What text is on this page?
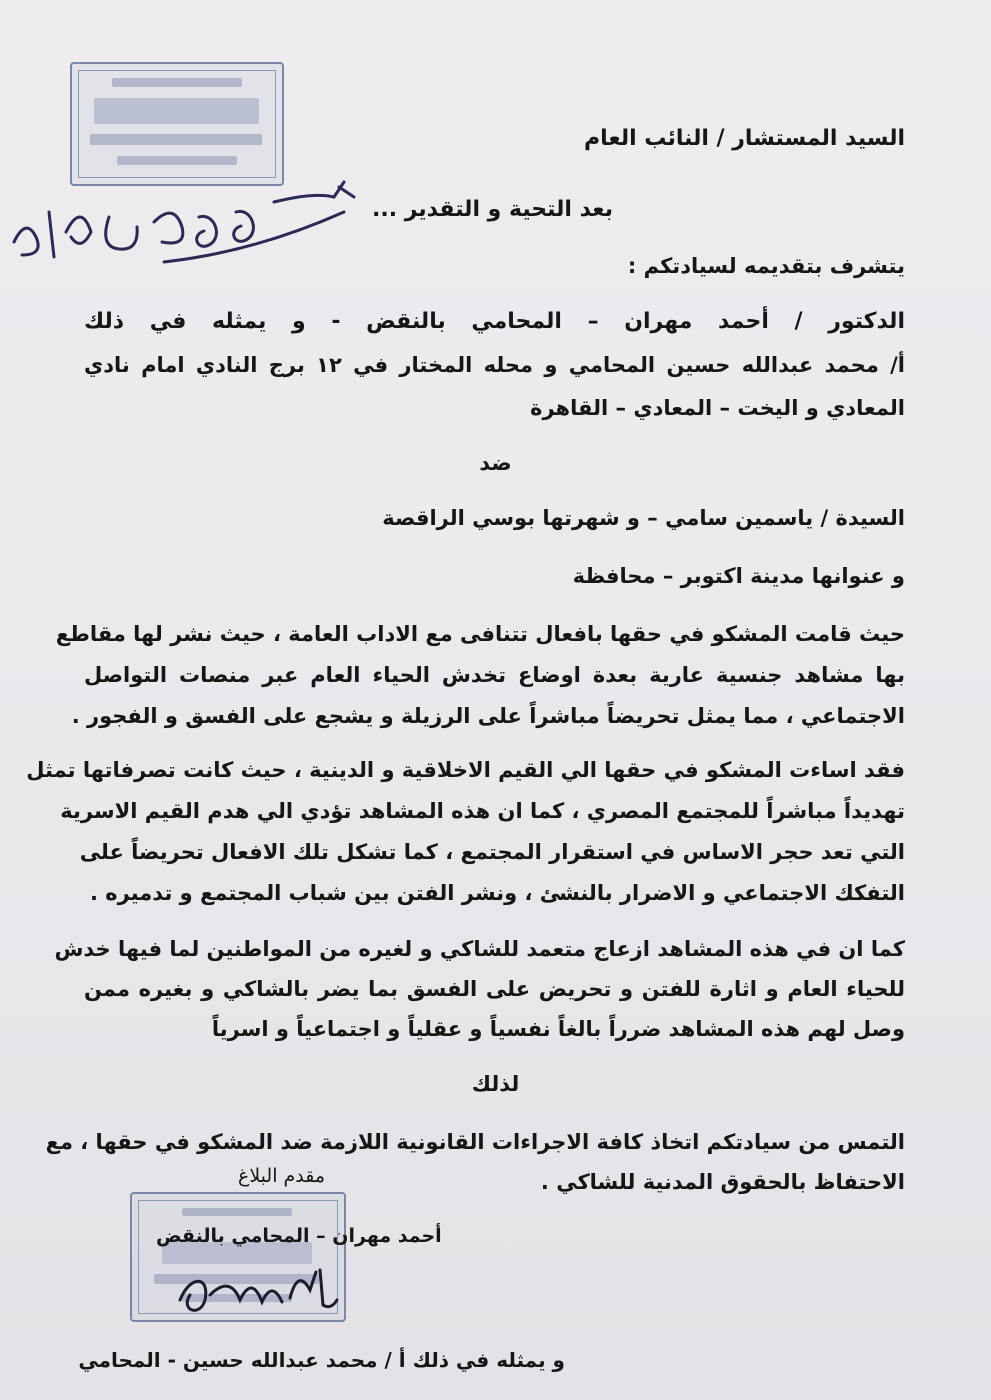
السيد المستشار / النائب العام
بعد التحية و التقدير ...
يتشرف بتقديمه لسيادتكم :
الدكتور / أحمد مهران – المحامي بالنقض - و يمثله في ذلك
أ/ محمد عبدالله حسين المحامي و محله المختار في ١٢ برج النادي امام نادي
المعادي و اليخت – المعادي – القاهرة
ضد
السيدة / ياسمين سامي – و شهرتها بوسي الراقصة
و عنوانها مدينة اكتوبر – محافظة
حيث قامت المشكو في حقها بافعال تتنافى مع الاداب العامة ، حيث نشر لها مقاطع
بها مشاهد جنسية عارية بعدة اوضاع تخدش الحياء العام عبر منصات التواصل
الاجتماعي ، مما يمثل تحريضاً مباشراً على الرزيلة و يشجع على الفسق و الفجور .
فقد اساءت المشكو في حقها الي القيم الاخلاقية و الدينية ، حيث كانت تصرفاتها تمثل
تهديداً مباشراً للمجتمع المصري ، كما ان هذه المشاهد تؤدي الي هدم القيم الاسرية
التي تعد حجر الاساس في استقرار المجتمع ، كما تشكل تلك الافعال تحريضاً على
التفكك الاجتماعي و الاضرار بالنشئ ، ونشر الفتن بين شباب المجتمع و تدميره .
كما ان في هذه المشاهد ازعاج متعمد للشاكي و لغيره من المواطنين لما فيها خدش
للحياء العام و اثارة للفتن و تحريض على الفسق بما يضر بالشاكي و بغيره ممن
وصل لهم هذه المشاهد ضرراً بالغاً نفسياً و عقلياً و اجتماعياً و اسرياً
لذلك
التمس من سيادتكم اتخاذ كافة الاجراءات القانونية اللازمة ضد المشكو في حقها ، مع
الاحتفاظ بالحقوق المدنية للشاكي .
مقدم البلاغ
أحمد مهران – المحامي بالنقض
و يمثله في ذلك أ / محمد عبدالله حسين - المحامي
